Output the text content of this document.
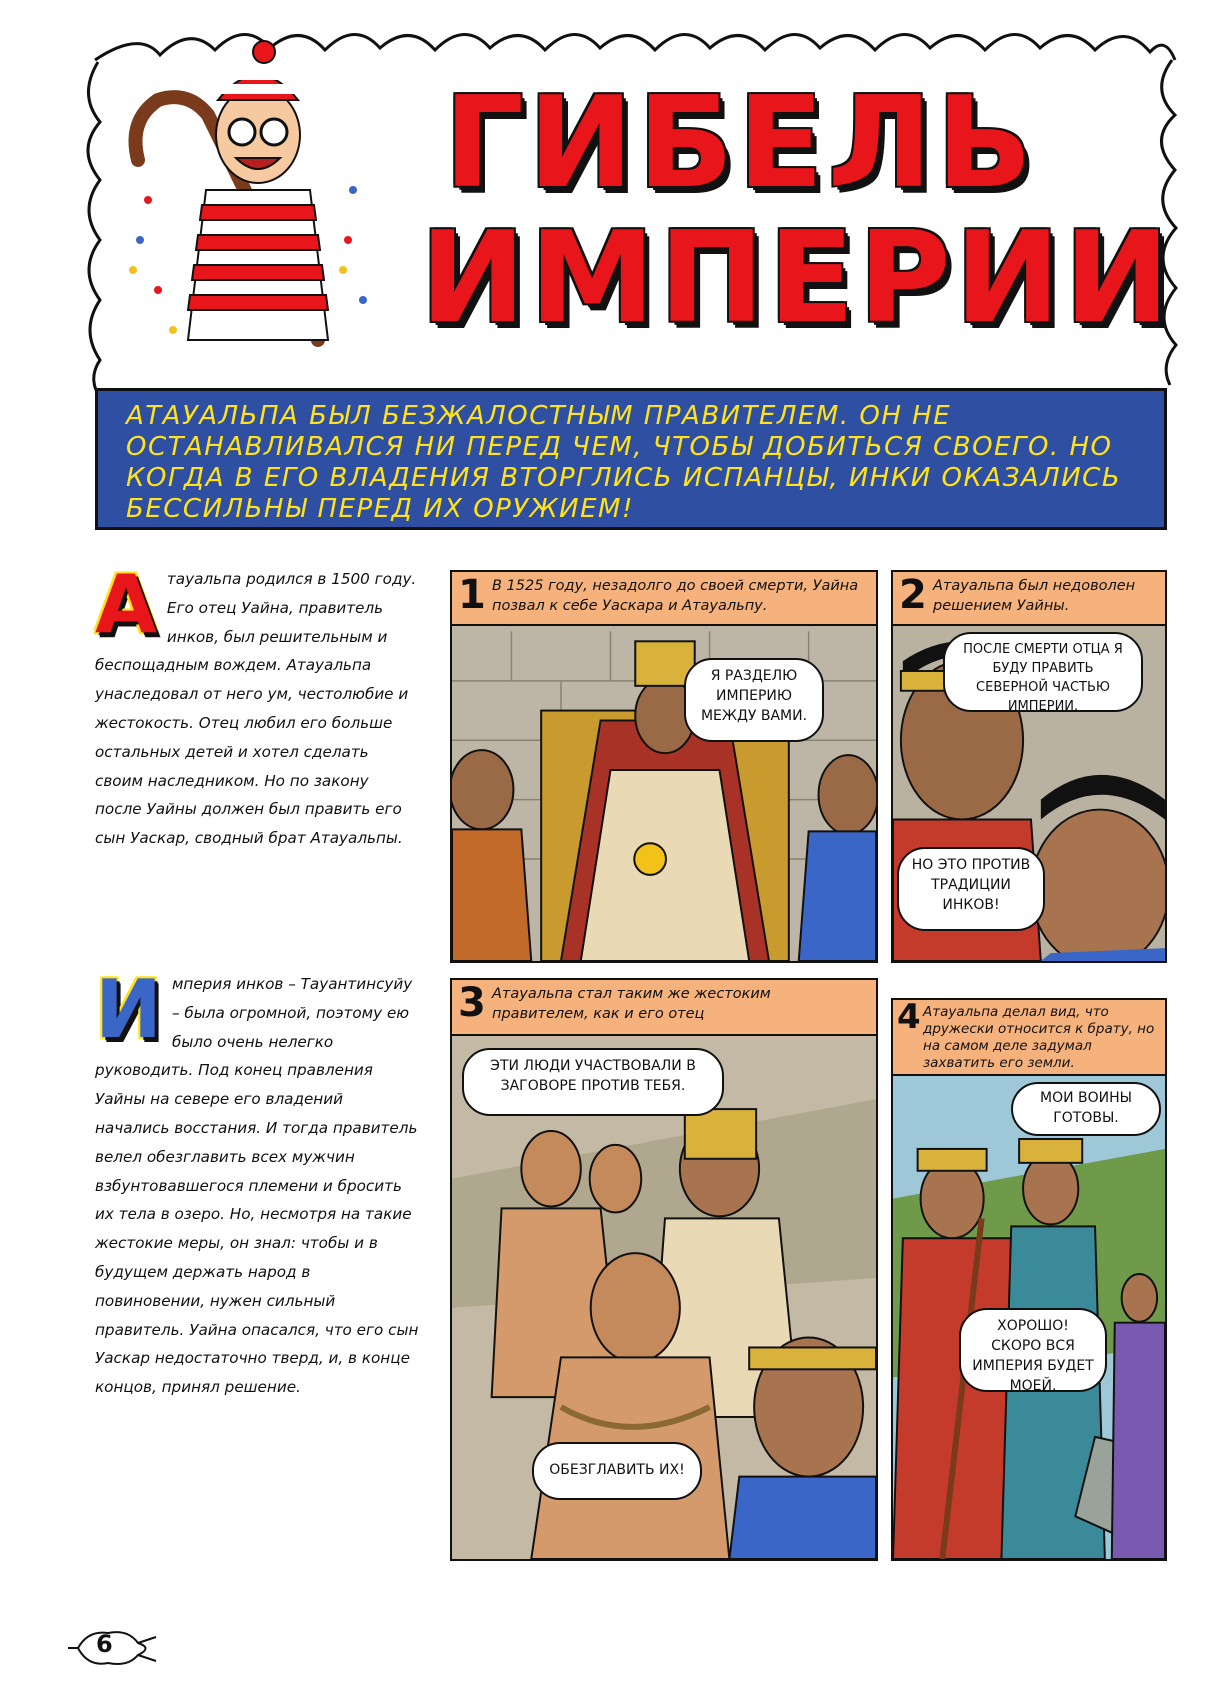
ГИБЕЛЬ
ИМПЕРИИ

АТАУАЛЬПА БЫЛ БЕЗЖАЛОСТНЫМ ПРАВИТЕЛЕМ. ОН НЕ ОСТАНАВЛИВАЛСЯ НИ ПЕРЕД ЧЕМ, ЧТОБЫ ДОБИТЬСЯ СВОЕГО. НО КОГДА В ЕГО ВЛАДЕНИЯ ВТОРГЛИСЬ ИСПАНЦЫ, ИНКИ ОКАЗАЛИСЬ БЕССИЛЬНЫ ПЕРЕД ИХ ОРУЖИЕМ!

Атауальпа родился в 1500 году. Его отец Уайна, правитель инков, был решительным и беспощадным вождем. Атауальпа унаследовал от него ум, честолюбие и жестокость. Отец любил его больше остальных детей и хотел сделать своим наследником. Но по закону после Уайны должен был править его сын Уаскар, сводный брат Атауальпы.

Империя инков – Тауантинсуйу – была огромной, поэтому ею было очень нелегко руководить. Под конец правления Уайны на севере его владений начались восстания. И тогда правитель велел обезглавить всех мужчин взбунтовавшегося племени и бросить их тела в озеро. Но, несмотря на такие жестокие меры, он знал: чтобы и в будущем держать народ в повиновении, нужен сильный правитель. Уайна опасался, что его сын Уаскар недостаточно тверд, и, в конце концов, принял решение.

1 В 1525 году, незадолго до своей смерти, Уайна позвал к себе Уаскара и Атауальпу.
Я РАЗДЕЛЮ ИМПЕРИЮ МЕЖДУ ВАМИ.
2 Атауальпа был недоволен решением Уайны.
ПОСЛЕ СМЕРТИ ОТЦА Я БУДУ ПРАВИТЬ СЕВЕРНОЙ ЧАСТЬЮ ИМПЕРИИ.
НО ЭТО ПРОТИВ ТРАДИЦИИ ИНКОВ!
3 Атауальпа стал таким же жестоким правителем, как и его отец
ЭТИ ЛЮДИ УЧАСТВОВАЛИ В ЗАГОВОРЕ ПРОТИВ ТЕБЯ.
ОБЕЗГЛАВИТЬ ИХ!
4 Атауальпа делал вид, что дружески относится к брату, но на самом деле задумал захватить его земли.
МОИ ВОИНЫ ГОТОВЫ.
ХОРОШО! СКОРО ВСЯ ИМПЕРИЯ БУДЕТ МОЕЙ.
6
